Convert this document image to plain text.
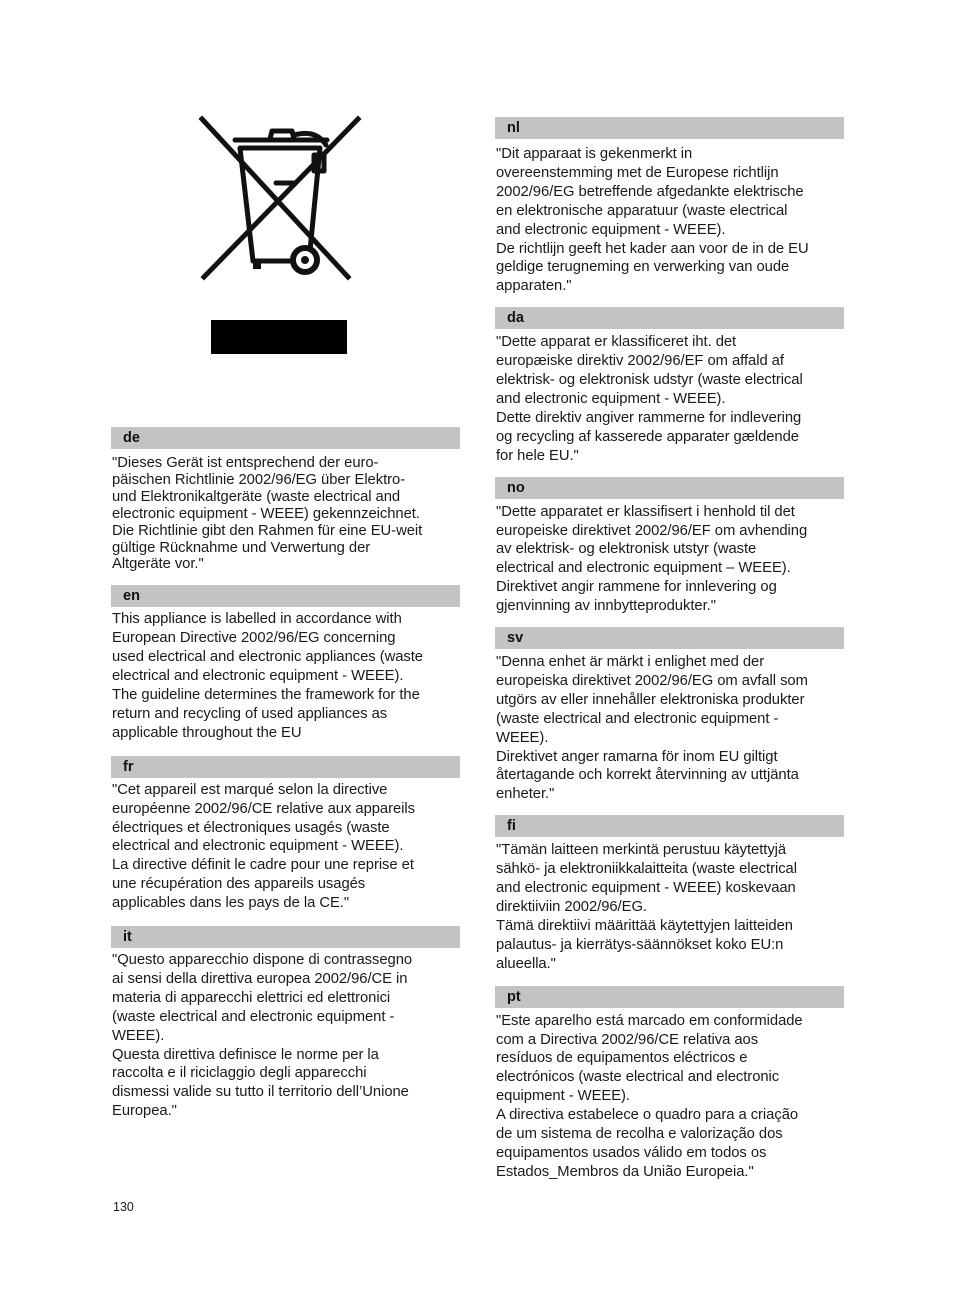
de
"Dieses Gerät ist entsprechend der euro-
päischen Richtlinie 2002/96/EG über Elektro-
und Elektronikaltgeräte (waste electrical and
electronic equipment - WEEE) gekennzeichnet.
Die Richtlinie gibt den Rahmen für eine EU-weit
gültige Rücknahme und Verwertung der
Altgeräte vor."
en
This appliance is labelled in accordance with
European Directive 2002/96/EG concerning
used electrical and electronic appliances (waste
electrical and electronic equipment - WEEE).
The guideline determines the framework for the
return and recycling of used appliances as
applicable throughout the EU
fr
"Cet appareil est marqué selon la directive
européenne 2002/96/CE relative aux appareils
électriques et électroniques usagés (waste
electrical and electronic equipment - WEEE).
La directive définit le cadre pour une reprise et
une récupération des appareils usagés
applicables dans les pays de la CE."
it
"Questo apparecchio dispone di contrassegno
ai sensi della direttiva europea 2002/96/CE in
materia di apparecchi elettrici ed elettronici
(waste electrical and electronic equipment -
WEEE).
Questa direttiva definisce le norme per la
raccolta e il riciclaggio degli apparecchi
dismessi valide su tutto il territorio dell’Unione
Europea."
nl
"Dit apparaat is gekenmerkt in
overeenstemming met de Europese richtlijn
2002/96/EG betreffende afgedankte elektrische
en elektronische apparatuur (waste electrical
and electronic equipment - WEEE).
De richtlijn geeft het kader aan voor de in de EU
geldige terugneming en verwerking van oude
apparaten."
da
"Dette apparat er klassificeret iht. det
europæiske direktiv 2002/96/EF om affald af
elektrisk- og elektronisk udstyr (waste electrical
and electronic equipment - WEEE).
Dette direktiv angiver rammerne for indlevering
og recycling af kasserede apparater gældende
for hele EU."
no
"Dette apparatet er klassifisert i henhold til det
europeiske direktivet 2002/96/EF om avhending
av elektrisk- og elektronisk utstyr (waste
electrical and electronic equipment – WEEE).
Direktivet angir rammene for innlevering og
gjenvinning av innbytteprodukter."
sv
"Denna enhet är märkt i enlighet med der
europeiska direktivet 2002/96/EG om avfall som
utgörs av eller innehåller elektroniska produkter
(waste electrical and electronic equipment -
WEEE).
Direktivet anger ramarna för inom EU giltigt
återtagande och korrekt återvinning av uttjänta
enheter."
fi
"Tämän laitteen merkintä perustuu käytettyjä
sähkö- ja elektroniikkalaitteita (waste electrical
and electronic equipment - WEEE) koskevaan
direktiiviin 2002/96/EG.
Tämä direktiivi määrittää käytettyjen laitteiden
palautus- ja kierrätys-säännökset koko EU:n
alueella."
pt
"Este aparelho está marcado em conformidade
com a Directiva 2002/96/CE relativa aos
resíduos de equipamentos eléctricos e
electrónicos (waste electrical and electronic
equipment - WEEE).
A directiva estabelece o quadro para a criação
de um sistema de recolha e valorização dos
equipamentos usados válido em todos os
Estados_Membros da União Europeia."
130
